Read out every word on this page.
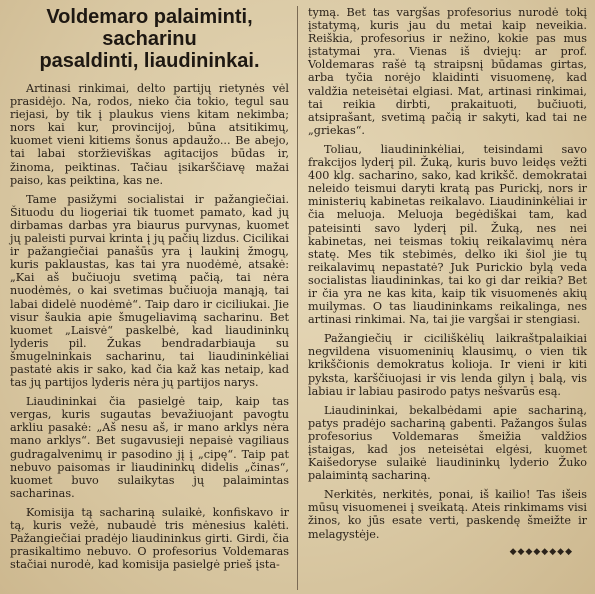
Voldemaro palaiminti, sacharinu
pasaldinti, liaudininkai.

Artinasi rinkimai, delto partijų rietynės vėl prasidėjo. Na, rodos, nieko čia tokio, tegul sau riejasi, by tik į plaukus viens kitam nekimba; nors kai kur, provincijoj, būna atsitikimų, kuomet vieni kitiems šonus apdaužo... Be abejo, tai labai storžieviškas agitacijos būdas ir, žinoma, peiktinas. Tačiau įsikarščiavę mažai paiso, kas peiktina, kas ne.

Tame pasižymi socialistai ir pažangiečiai. Šituodu du liogeriai tik tuomet pamato, kad jų dirbamas darbas yra biaurus purvynas, kuomet jų paleisti purvai krinta į jų pačių lizdus. Cicilikai ir pažangiečiai panašūs yra į laukinį žmogų, kuris paklaustas, kas tai yra nuodėmė, atsakė: „Kai aš bučiuoju svetimą pačią, tai nėra nuodėmės, o kai svetimas bučiuoja manąją, tai labai didelė nuodėmė“. Taip daro ir ciciliukai. Jie visur šaukia apie šmugeliavimą sacharinu. Bet kuomet „Laisvė“ paskelbė, kad liaudininkų lyderis pil. Žukas bendradarbiauja su šmugelninkais sacharinu, tai liaudininkėliai pastatė akis ir sako, kad čia kaž kas netaip, kad tas jų partijos lyderis nėra jų partijos narys.

Liaudininkai čia pasielgė taip, kaip tas vergas, kuris sugautas bevažiuojant pavogtu arkliu pasakė: „Aš nesu aš, ir mano arklys nėra mano arklys“. Bet sugavusieji nepaisė vagiliaus gudragalvenimų ir pasodino jį į „cipę“. Taip pat nebuvo paisomas ir liaudininkų didelis „činas“, kuomet buvo sulaikytas jų palaimintas sacharinas.

Komisija tą sachariną sulaikė, konfiskavo ir tą, kuris vežė, nubaudė tris mėnesius kalėti. Pažangiečiai pradėjo liaudininkus girti. Girdi, čia prasikaltimo nebuvo. O profesorius Voldemaras stačiai nurodė, kad komisija pasielgė prieš įsta-

tymą. Bet tas vargšas profesorius nurodė tokį įstatymą, kuris jau du metai kaip neveikia. Reiškia, profesorius ir nežino, kokie pas mus įstatymai yra. Vienas iš dviejų: ar prof. Voldemaras rašė tą straipsnį būdamas girtas, arba tyčia norėjo klaidinti visuomenę, kad valdžia neteisėtai elgiasi. Mat, artinasi rinkimai, tai reikia dirbti, prakaituoti, bučiuoti, atsiprašant, svetimą pačią ir sakyti, kad tai ne „griekas“.

Toliau, liaudininkėliai, teisindami savo frakcijos lyderį pil. Žuką, kuris buvo leidęs vežti 400 klg. sacharino, sako, kad krikšč. demokratai neleido teismui daryti kratą pas Purickį, nors ir ministerių kabinetas reikalavo. Liaudininkėliai ir čia meluoja. Meluoja begėdiškai tam, kad pateisinti savo lyderį pil. Žuką, nes nei kabinetas, nei teismas tokių reikalavimų nėra statę. Mes tik stebimės, delko iki šiol jie tų reikalavimų nepastatė? Juk Purickio bylą veda socialistas liaudininkas, tai ko gi dar reikia? Bet ir čia yra ne kas kita, kaip tik visuomenės akių muilymas. O tas liaudininkams reikalinga, nes artinasi rinkimai. Na, tai jie vargšai ir stengiasi.

Pažangiečių ir ciciliškėlių laikraštpalaikiai negvildena visuomeninių klausimų, o vien tik krikščionis demokratus kolioja. Ir vieni ir kiti pyksta, karščiuojasi ir vis lenda gilyn į balą, vis labiau ir labiau pasirodo patys nešvarūs esą.

Liaudininkai, bekalbėdami apie sachariną, patys pradėjo sachariną gabenti. Pažangos šulas profesorius Voldemaras šmeižia valdžios įstaigas, kad jos neteisėtai elgėsi, kuomet Kaišedoryse sulaikė liaudininkų lyderio Žuko palaimintą sachariną.

Nerkitės, nerkitės, ponai, iš kailio! Tas išeis mūsų visuomenei į sveikatą. Ateis rinkimams visi žinos, ko jūs esate verti, paskendę šmeižte ir melagystėje.

◆◆◆◆◆◆◆◆
